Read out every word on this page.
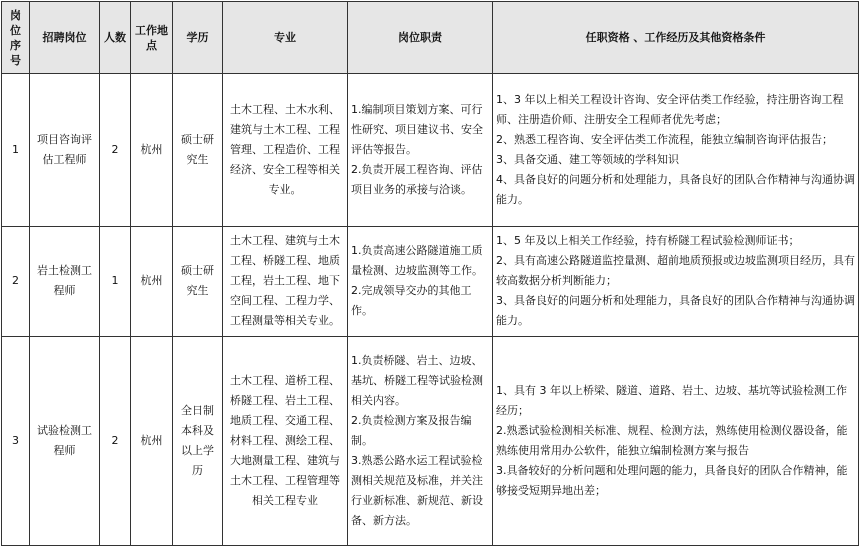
岗位序号	招聘岗位	人数	工作地点	学历	专业	岗位职责	任职资格 、工作经历及其他资格条件
1	项目咨询评估工程师	2	杭州	硕士研究生	土木工程、土木水利、建筑与土木工程、工程管理、工程造价、工程经济、安全工程等相关专业。	1.编制项目策划方案、可行性研究、项目建议书、安全评估等报告。
2.负责开展工程咨询、评估项目业务的承接与洽谈。	1、3 年以上相关工程设计咨询、安全评估类工作经验，持注册咨询工程师、注册造价师、注册安全工程师者优先考虑；
2、熟悉工程咨询、安全评估类工作流程，能独立编制咨询评估报告；
3、具备交通、建工等领域的学科知识
4、具备良好的问题分析和处理能力，具备良好的团队合作精神与沟通协调能力。

2	岩土检测工程师	1	杭州	硕士研究生	土木工程、建筑与土木工程、桥隧工程、地质工程，岩土工程、地下空间工程、工程力学、工程测量等相关专业。	1.负责高速公路隧道施工质量检测、边坡监测等工作。
2.完成领导交办的其他工作。	1、5 年及以上相关工作经验，持有桥隧工程试验检测师证书；
2、具有高速公路隧道监控量测、超前地质预报或边坡监测项目经历，具有较高数据分析判断能力；
3、具备良好的问题分析和处理能力，具备良好的团队合作精神与沟通协调能力。

3	试验检测工程师	2	杭州	全日制本科及以上学历	土木工程、道桥工程、桥隧工程、岩土工程、地质工程、交通工程、材料工程、测绘工程、大地测量工程、建筑与土木工程、工程管理等相关工程专业	1.负责桥隧、岩土、边坡、基坑、桥隧工程等试验检测相关内容。
2.负责检测方案及报告编制。
3.熟悉公路水运工程试验检测相关规范及标准，并关注行业新标准、新规范、新设备、新方法。	1、具有 3 年以上桥梁、隧道、道路、岩土、边坡、基坑等试验检测工作经历；
2.熟悉试验检测相关标准、规程、检测方法，熟练使用检测仪器设备，能熟练使用常用办公软件，能独立编制检测方案与报告
3.具备较好的分析问题和处理问题的能力，具备良好的团队合作精神，能够接受短期异地出差；
